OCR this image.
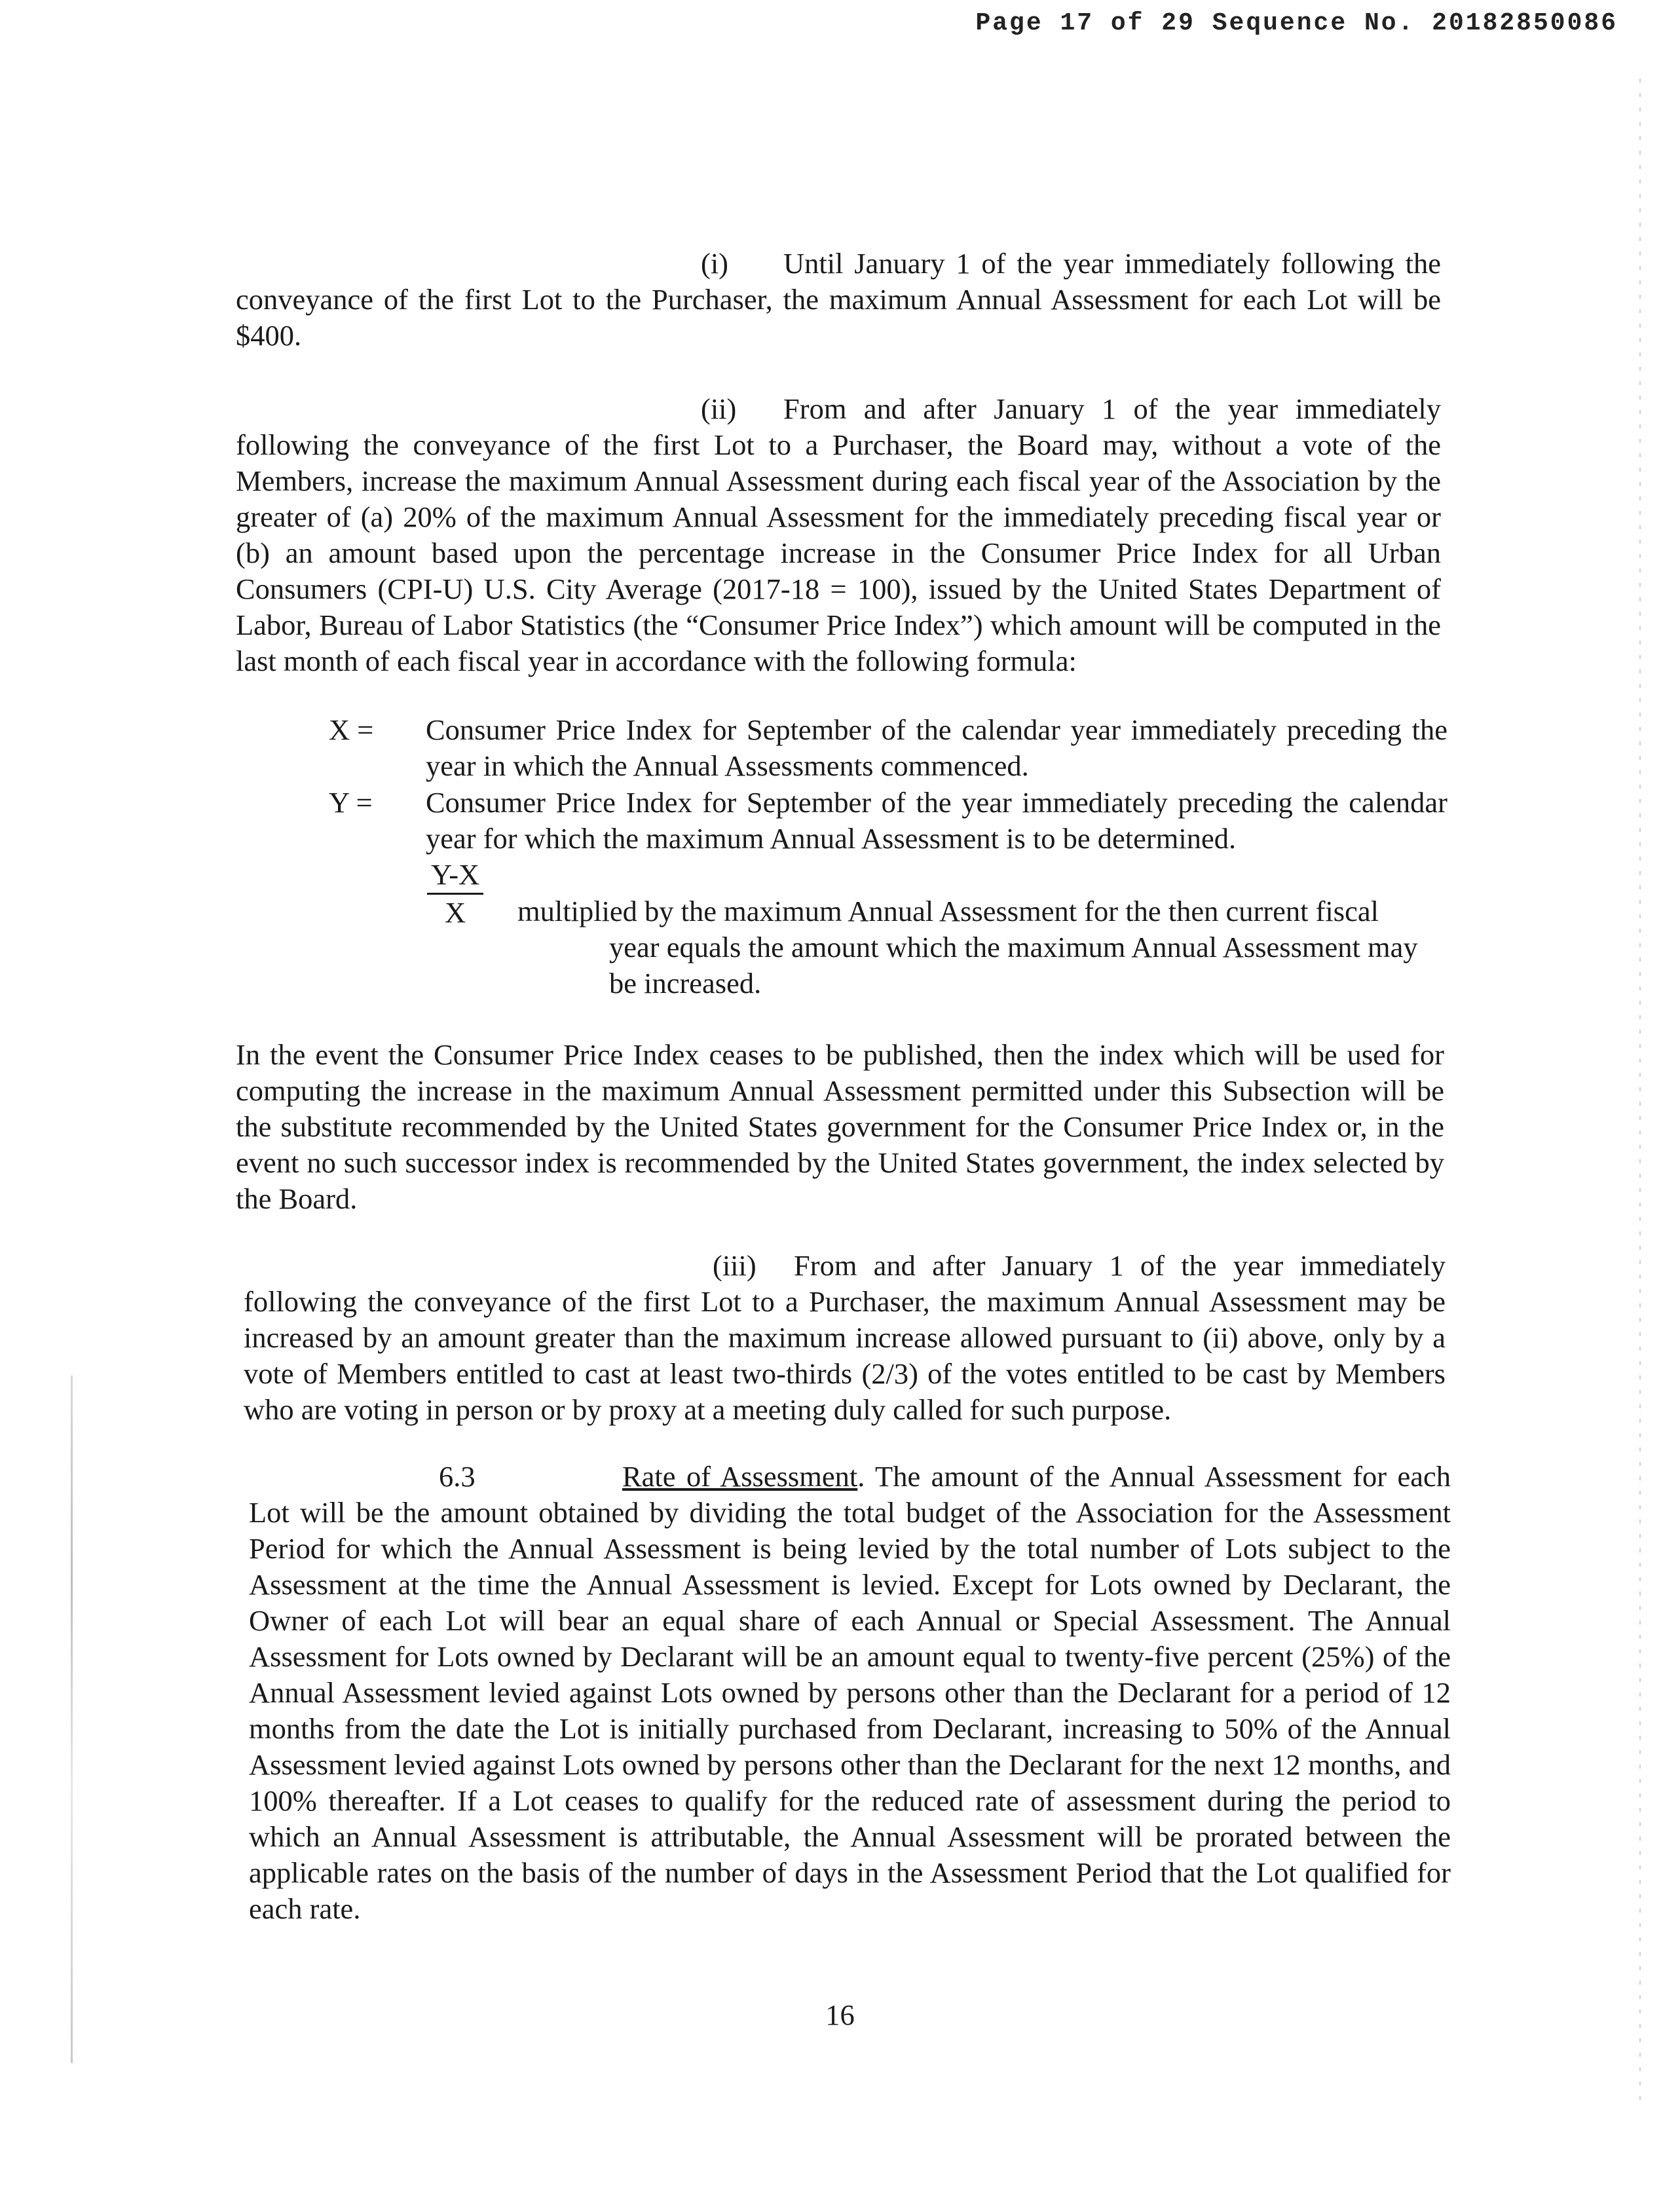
Page 17 of 29 Sequence No. 20182850086

(i) Until January 1 of the year immediately following the conveyance of the first Lot to the Purchaser, the maximum Annual Assessment for each Lot will be $400.

(ii) From and after January 1 of the year immediately following the conveyance of the first Lot to a Purchaser, the Board may, without a vote of the Members, increase the maximum Annual Assessment during each fiscal year of the Association by the greater of (a) 20% of the maximum Annual Assessment for the immediately preceding fiscal year or (b) an amount based upon the percentage increase in the Consumer Price Index for all Urban Consumers (CPI-U) U.S. City Average (2017-18 = 100), issued by the United States Department of Labor, Bureau of Labor Statistics (the “Consumer Price Index”) which amount will be computed in the last month of each fiscal year in accordance with the following formula:

X =	Consumer Price Index for September of the calendar year immediately preceding the year in which the Annual Assessments commenced.
Y =	Consumer Price Index for September of the year immediately preceding the calendar year for which the maximum Annual Assessment is to be determined.
$\frac{Y-X}{X}$ multiplied by the maximum Annual Assessment for the then current fiscal
year equals the amount which the maximum Annual Assessment may
be increased.

In the event the Consumer Price Index ceases to be published, then the index which will be used for computing the increase in the maximum Annual Assessment permitted under this Subsection will be the substitute recommended by the United States government for the Consumer Price Index or, in the event no such successor index is recommended by the United States government, the index selected by the Board.

(iii) From and after January 1 of the year immediately following the conveyance of the first Lot to a Purchaser, the maximum Annual Assessment may be increased by an amount greater than the maximum increase allowed pursuant to (ii) above, only by a vote of Members entitled to cast at least two-thirds (2/3) of the votes entitled to be cast by Members who are voting in person or by proxy at a meeting duly called for such purpose.

6.3	Rate of Assessment. The amount of the Annual Assessment for each Lot will be the amount obtained by dividing the total budget of the Association for the Assessment Period for which the Annual Assessment is being levied by the total number of Lots subject to the Assessment at the time the Annual Assessment is levied. Except for Lots owned by Declarant, the Owner of each Lot will bear an equal share of each Annual or Special Assessment. The Annual Assessment for Lots owned by Declarant will be an amount equal to twenty-five percent (25%) of the Annual Assessment levied against Lots owned by persons other than the Declarant for a period of 12 months from the date the Lot is initially purchased from Declarant, increasing to 50% of the Annual Assessment levied against Lots owned by persons other than the Declarant for the next 12 months, and 100% thereafter. If a Lot ceases to qualify for the reduced rate of assessment during the period to which an Annual Assessment is attributable, the Annual Assessment will be prorated between the applicable rates on the basis of the number of days in the Assessment Period that the Lot qualified for each rate.

16
